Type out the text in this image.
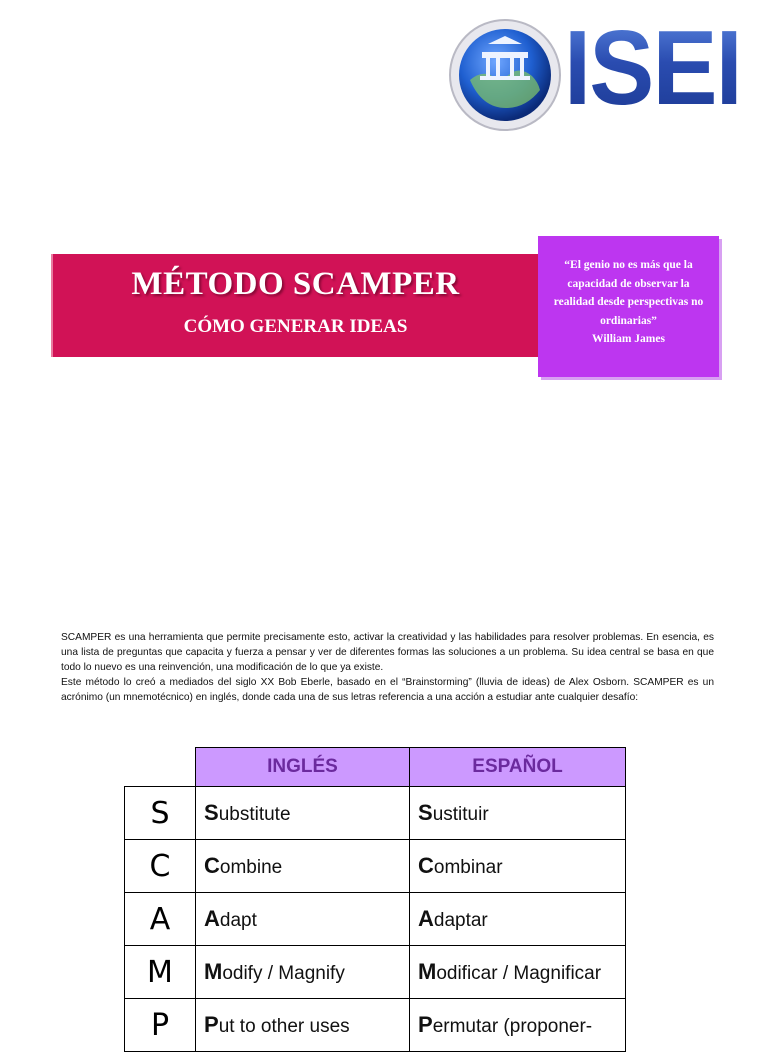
ISEI
MÉTODO SCAMPER
CÓMO GENERAR IDEAS
“El genio no es más que la capacidad de observar la realidad desde perspectivas no ordinarias”
William James

SCAMPER es una herramienta que permite precisamente esto, activar la creatividad y las habilidades para resolver problemas. En esencia, es una lista de preguntas que capacita y fuerza a pensar y ver de diferentes formas las soluciones a un problema. Su idea central se basa en que todo lo nuevo es una reinvención, una modificación de lo que ya existe.

Este método lo creó a mediados del siglo XX Bob Eberle, basado en el “Brainstorming” (lluvia de ideas) de Alex Osborn. SCAMPER es un acrónimo (un mnemotécnico) en inglés, donde cada una de sus letras referencia a una acción a estudiar ante cualquier desafío:

	INGLÉS	ESPAÑOL
S	Substitute	Sustituir
C	Combine	Combinar
A	Adapt	Adaptar
M	Modify / Magnify	Modificar / Magnificar
P	Put to other uses	Permutar (proponer-
